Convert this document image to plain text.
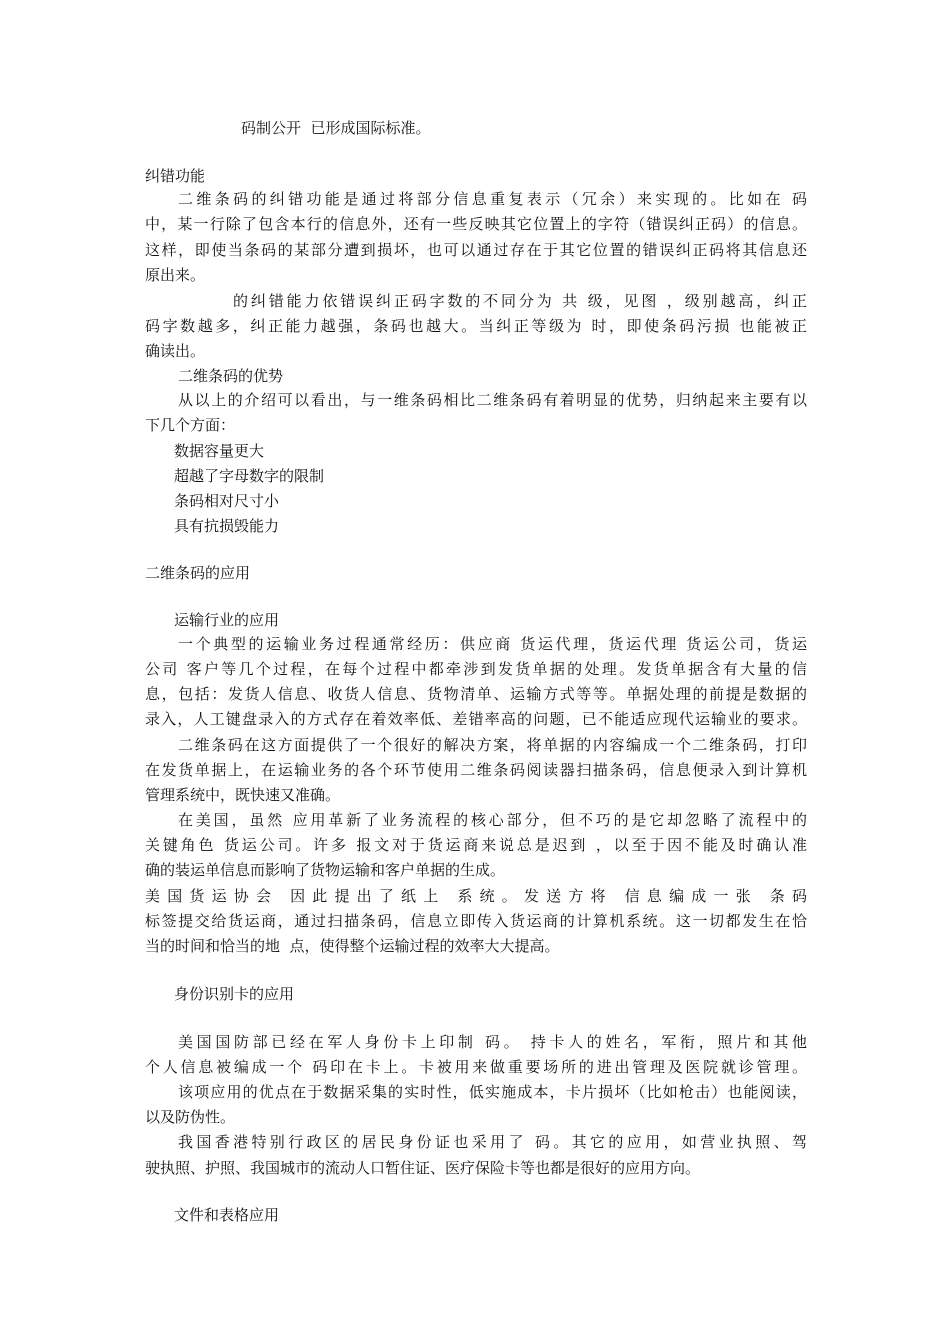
码制公开  已形成国际标准。
纠错功能
二维条码的纠错功能是通过将部分信息重复表示（冗余）来实现的。比如在 码
中，某一行除了包含本行的信息外，还有一些反映其它位置上的字符（错误纠正码）的信息。
这样，即使当条码的某部分遭到损坏，也可以通过存在于其它位置的错误纠正码将其信息还
原出来。
的纠错能力依错误纠正码字数的不同分为 共 级，见图 ，级别越高，纠正
码字数越多，纠正能力越强，条码也越大。当纠正等级为 时，即使条码污损 也能被正
确读出。
二维条码的优势
从以上的介绍可以看出，与一维条码相比二维条码有着明显的优势，归纳起来主要有以
下几个方面：
数据容量更大
超越了字母数字的限制
条码相对尺寸小
具有抗损毁能力
二维条码的应用
运输行业的应用
一个典型的运输业务过程通常经历：供应商 货运代理，货运代理 货运公司，货运
公司 客户等几个过程，在每个过程中都牵涉到发货单据的处理。发货单据含有大量的信
息，包括：发货人信息、收货人信息、货物清单、运输方式等等。单据处理的前提是数据的
录入，人工键盘录入的方式存在着效率低、差错率高的问题，已不能适应现代运输业的要求。
二维条码在这方面提供了一个很好的解决方案，将单据的内容编成一个二维条码，打印
在发货单据上，在运输业务的各个环节使用二维条码阅读器扫描条码，信息便录入到计算机
管理系统中，既快速又准确。
在美国，虽然 应用革新了业务流程的核心部分，但不巧的是它却忽略了流程中的
关键角色 货运公司。许多 报文对于货运商来说总是迟到 ，以至于因不能及时确认准
确的装运单信息而影响了货物运输和客户单据的生成。
美国货运协会 因此提出了纸上 系统。发送方将 信息编成一张 条码
标签提交给货运商，通过扫描条码，信息立即传入货运商的计算机系统。这一切都发生在恰
当的时间和恰当的地  点，使得整个运输过程的效率大大提高。
身份识别卡的应用
美国国防部已经在军人身份卡上印制 码。 持卡人的姓名，军衔，照片和其他
个人信息被编成一个 码印在卡上。卡被用来做重要场所的进出管理及医院就诊管理。
该项应用的优点在于数据采集的实时性，低实施成本，卡片损坏（比如枪击）也能阅读，
以及防伪性。
我国香港特别行政区的居民身份证也采用了 码。其它的应用，如营业执照、驾
驶执照、护照、我国城市的流动人口暂住证、医疗保险卡等也都是很好的应用方向。
文件和表格应用
